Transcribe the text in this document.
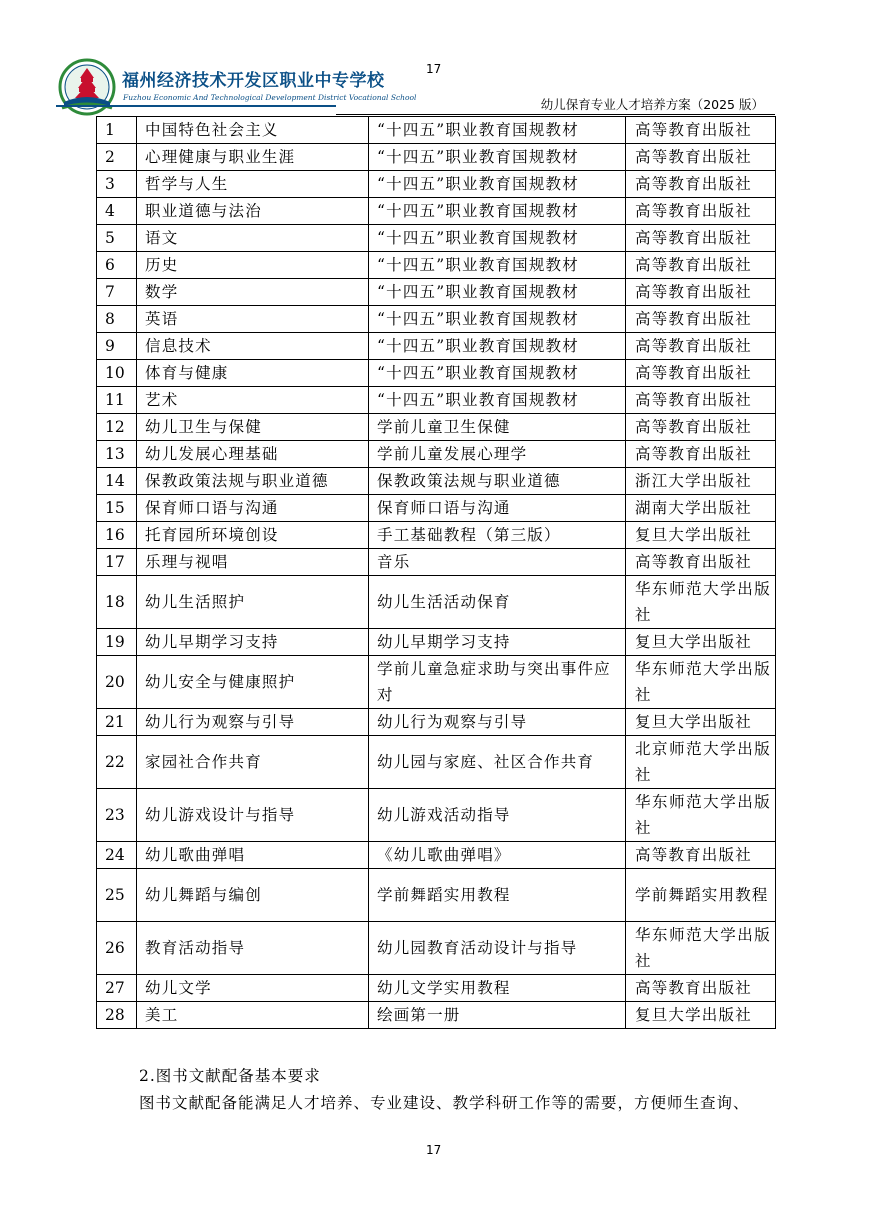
福州经济技术开发区职业中专学校
Fuzhou Economic And Technological Development District Vocational School
17
幼儿保育专业人才培养方案（2025 版）
1	中国特色社会主义	“十四五”职业教育国规教材	高等教育出版社
2	心理健康与职业生涯	“十四五”职业教育国规教材	高等教育出版社
3	哲学与人生	“十四五”职业教育国规教材	高等教育出版社
4	职业道德与法治	“十四五”职业教育国规教材	高等教育出版社
5	语文	“十四五”职业教育国规教材	高等教育出版社
6	历史	“十四五”职业教育国规教材	高等教育出版社
7	数学	“十四五”职业教育国规教材	高等教育出版社
8	英语	“十四五”职业教育国规教材	高等教育出版社
9	信息技术	“十四五”职业教育国规教材	高等教育出版社
10	体育与健康	“十四五”职业教育国规教材	高等教育出版社
11	艺术	“十四五”职业教育国规教材	高等教育出版社
12	幼儿卫生与保健	学前儿童卫生保健	高等教育出版社
13	幼儿发展心理基础	学前儿童发展心理学	高等教育出版社
14	保教政策法规与职业道德	保教政策法规与职业道德	浙江大学出版社
15	保育师口语与沟通	保育师口语与沟通	湖南大学出版社
16	托育园所环境创设	手工基础教程（第三版）	复旦大学出版社
17	乐理与视唱	音乐	高等教育出版社
18	幼儿生活照护	幼儿生活活动保育	华东师范大学出版社
19	幼儿早期学习支持	幼儿早期学习支持	复旦大学出版社
20	幼儿安全与健康照护	学前儿童急症求助与突出事件应对	华东师范大学出版社
21	幼儿行为观察与引导	幼儿行为观察与引导	复旦大学出版社
22	家园社合作共育	幼儿园与家庭、社区合作共育	北京师范大学出版社
23	幼儿游戏设计与指导	幼儿游戏活动指导	华东师范大学出版社
24	幼儿歌曲弹唱	《幼儿歌曲弹唱》	高等教育出版社
25	幼儿舞蹈与编创	学前舞蹈实用教程	学前舞蹈实用教程
26	教育活动指导	幼儿园教育活动设计与指导	华东师范大学出版社
27	幼儿文学	幼儿文学实用教程	高等教育出版社
28	美工	绘画第一册	复旦大学出版社
2.图书文献配备基本要求
图书文献配备能满足人才培养、专业建设、教学科研工作等的需要，方便师生查询、
17
